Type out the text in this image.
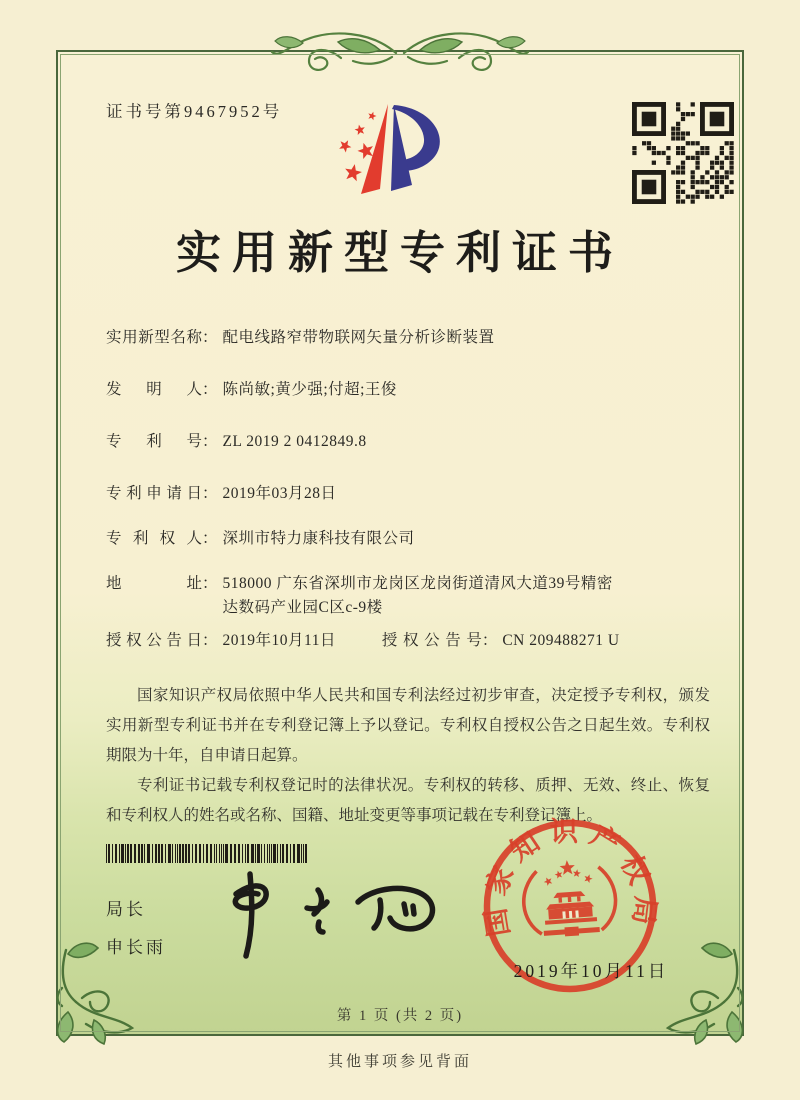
证书号第9467952号
实用新型专利证书
实用新型名称： 配电线路窄带物联网矢量分析诊断装置
发明人： 陈尚敏;黄少强;付超;王俊
专利号： ZL 2019 2 0412849.8
专利申请日： 2019年03月28日
专利权人： 深圳市特力康科技有限公司
地址 ： 518000 广东省深圳市龙岗区龙岗街道清风大道39号精密达数码产业园C区c-9楼
授权公告日： 2019年10月11日	授权公告号： CN 209488271 U

国家知识产权局依照中华人民共和国专利法经过初步审查，决定授予专利权，颁发实用新型专利证书并在专利登记簿上予以登记。专利权自授权公告之日起生效。专利权期限为十年，自申请日起算。

专利证书记载专利权登记时的法律状况。专利权的转移、质押、无效、终止、恢复和专利权人的姓名或名称、国籍、地址变更等事项记载在专利登记簿上。

局长
申长雨
国家知识产权局
2019年10月11日
第 1 页 (共 2 页)
其他事项参见背面
